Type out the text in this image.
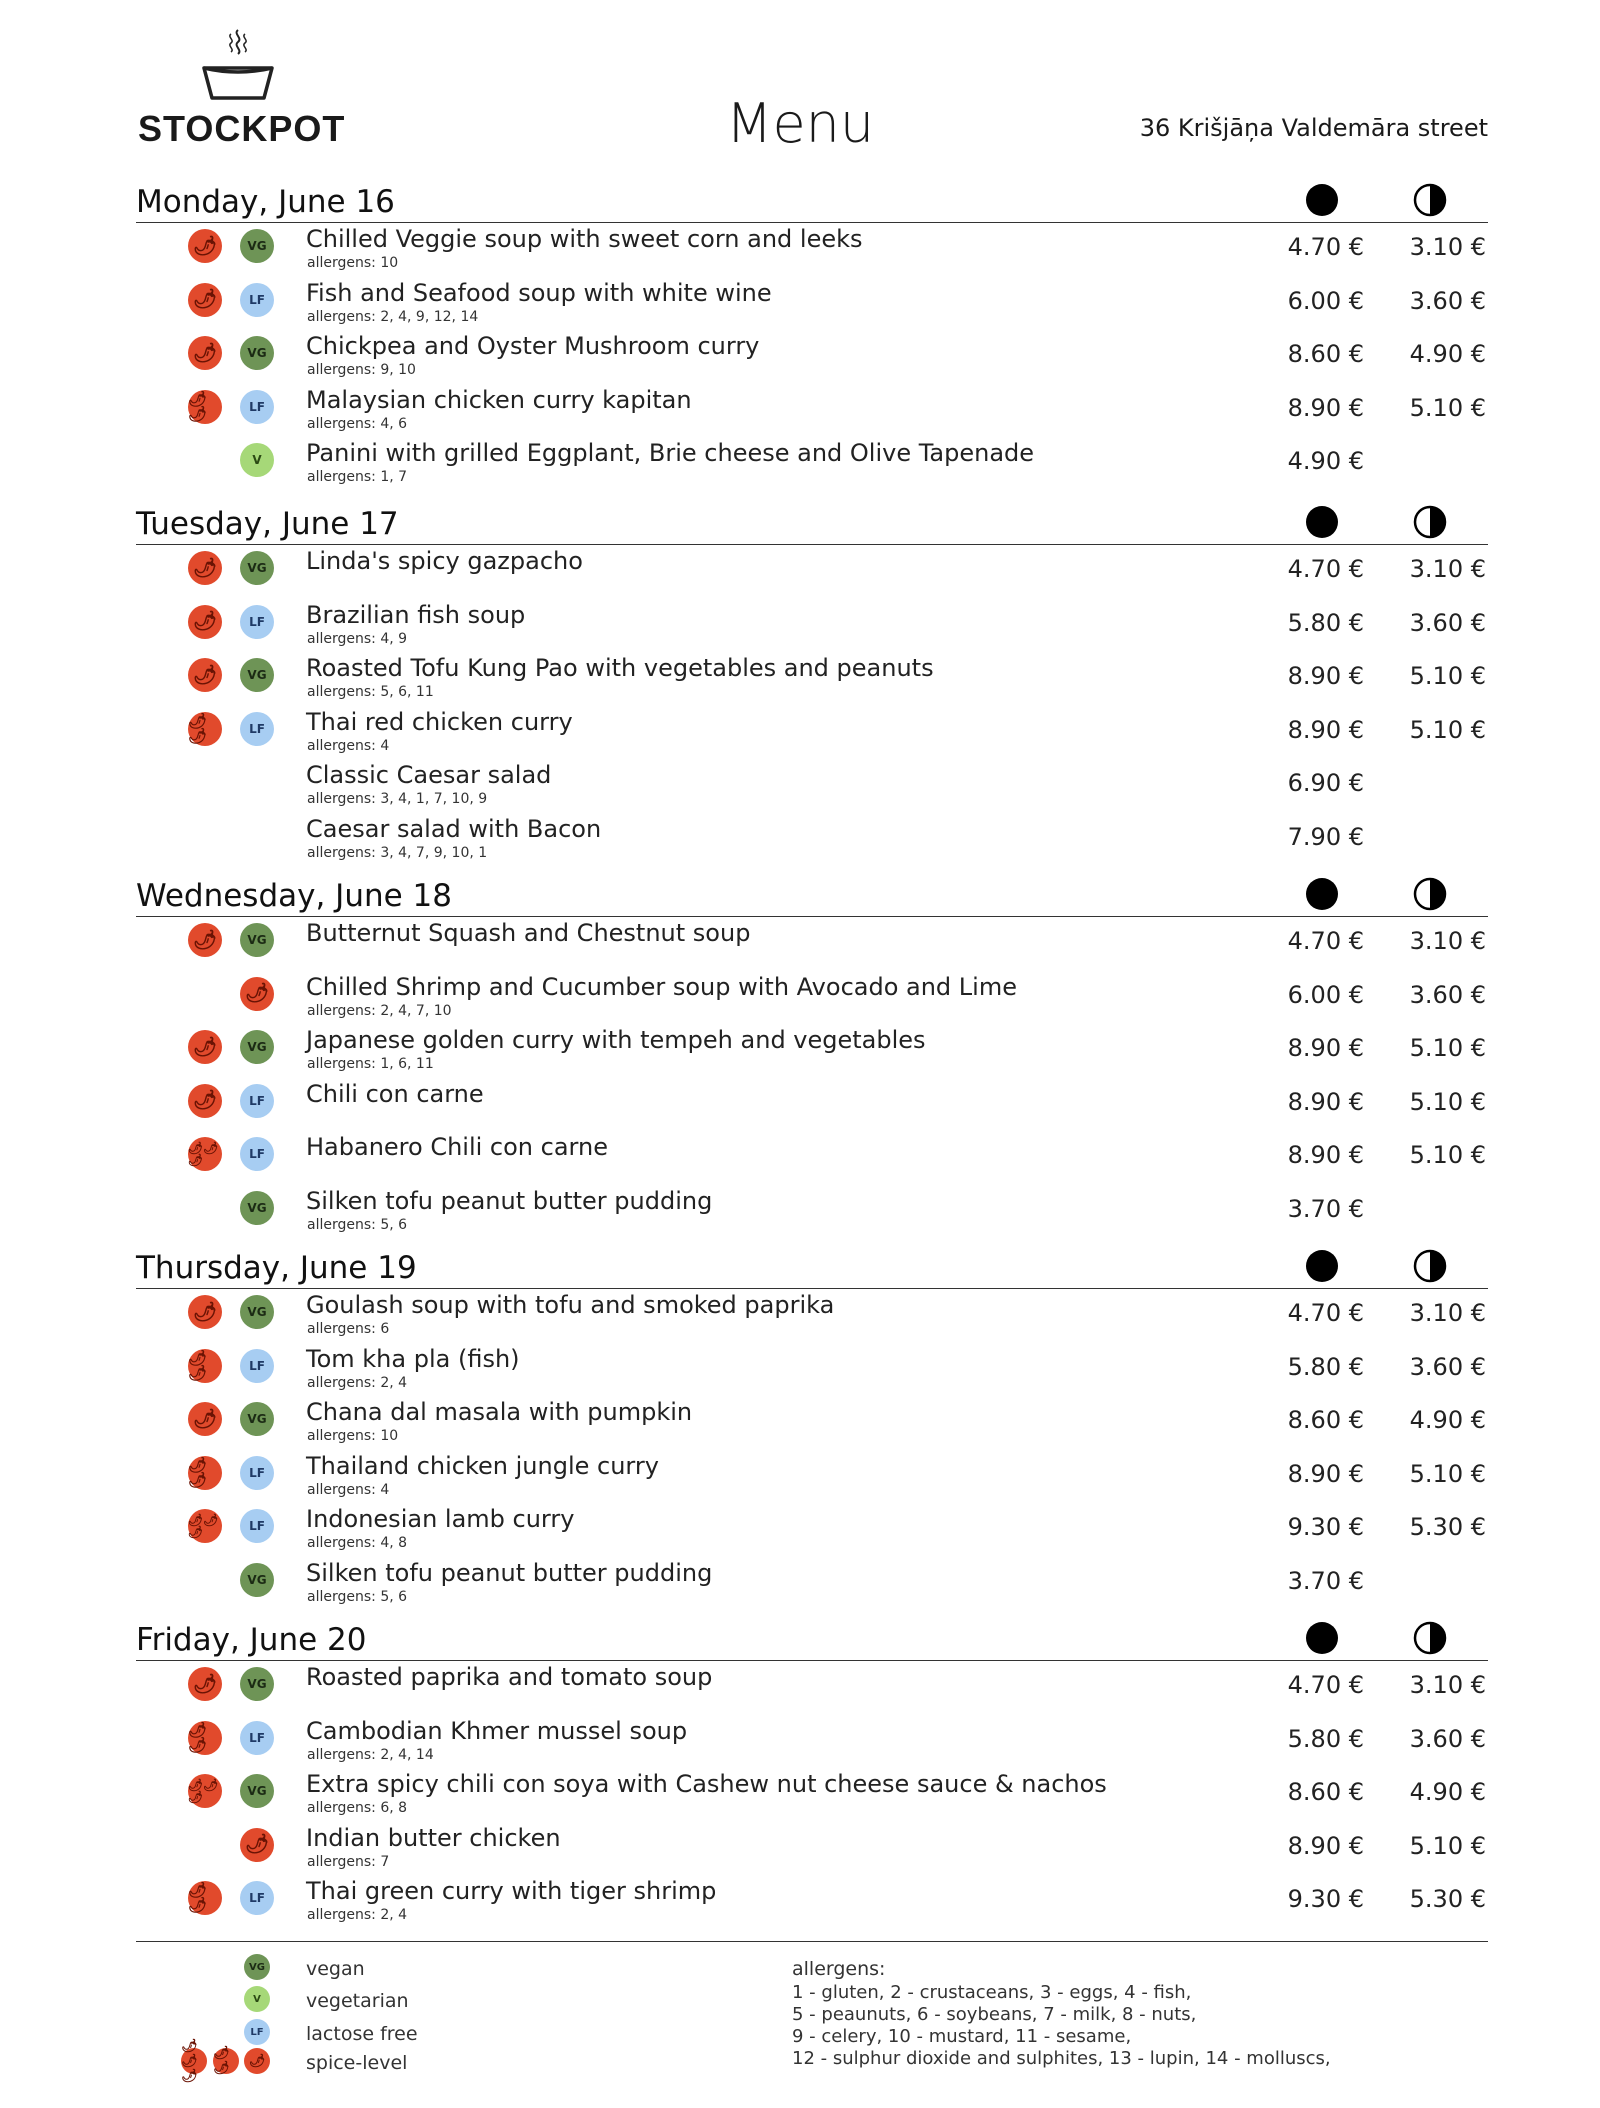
STOCKPOT	Menu	36 Krišjāņa Valdemāra street
Monday, June 16
🌶	VG	Chilled Veggie soup with sweet corn and leeks
allergens: 10
4.70 € 3.10 €
🌶	LF	Fish and Seafood soup with white wine
allergens: 2, 4, 9, 12, 14
6.00 € 3.60 €
🌶	VG	Chickpea and Oyster Mushroom curry
allergens: 9, 10
8.60 € 4.90 €
🌶🌶	LF	Malaysian chicken curry kapitan
allergens: 4, 6
8.90 € 5.10 €
V	Panini with grilled Eggplant, Brie cheese and Olive Tapenade
allergens: 1, 7
4.90 €
Tuesday, June 17
🌶	VG	Linda's spicy gazpacho	4.70 € 3.10 €
🌶	LF	Brazilian fish soup
allergens: 4, 9
5.80 € 3.60 €
🌶	VG	Roasted Tofu Kung Pao with vegetables and peanuts
allergens: 5, 6, 11
8.90 € 5.10 €
🌶🌶	LF	Thai red chicken curry
allergens: 4
8.90 € 5.10 €
Classic Caesar salad
allergens: 3, 4, 1, 7, 10, 9
6.90 €
Caesar salad with Bacon
allergens: 3, 4, 7, 9, 10, 1
7.90 €
Wednesday, June 18
🌶	VG	Butternut Squash and Chestnut soup	4.70 € 3.10 €
🌶 Chilled Shrimp and Cucumber soup with Avocado and Lime
allergens: 2, 4, 7, 10
6.00 € 3.60 €
🌶	VG	Japanese golden curry with tempeh and vegetables
allergens: 1, 6, 11
8.90 € 5.10 €
🌶	LF	Chili con carne	8.90 € 5.10 €
🌶🌶🌶	LF	Habanero Chili con carne	8.90 € 5.10 €
VG	Silken tofu peanut butter pudding
allergens: 5, 6
3.70 €
Thursday, June 19
🌶	VG	Goulash soup with tofu and smoked paprika
allergens: 6
4.70 € 3.10 €
🌶🌶	LF	Tom kha pla (fish)
allergens: 2, 4
5.80 € 3.60 €
🌶	VG	Chana dal masala with pumpkin
allergens: 10
8.60 € 4.90 €
🌶🌶	LF	Thailand chicken jungle curry
allergens: 4
8.90 € 5.10 €
🌶🌶🌶	LF	Indonesian lamb curry
allergens: 4, 8
9.30 € 5.30 €
VG	Silken tofu peanut butter pudding
allergens: 5, 6
3.70 €
Friday, June 20
🌶	VG	Roasted paprika and tomato soup	4.70 € 3.10 €
🌶🌶	LF	Cambodian Khmer mussel soup
allergens: 2, 4, 14
5.80 € 3.60 €
🌶🌶🌶	VG	Extra spicy chili con soya with Cashew nut cheese sauce & nachos
allergens: 6, 8
8.60 € 4.90 €
🌶 Indian butter chicken
allergens: 7
8.90 € 5.10 €
🌶🌶	LF	Thai green curry with tiger shrimp
allergens: 2, 4
9.30 € 5.30 €
VG vegan
V	vegetarian
LF	lactose free
🌶🌶🌶
🌶🌶	🌶 spice-level
allergens:
1 - gluten, 2 - crustaceans, 3 - eggs, 4 - fish,
5 - peaunuts, 6 - soybeans, 7 - milk, 8 - nuts,
9 - celery, 10 - mustard, 11 - sesame,
12 - sulphur dioxide and sulphites, 13 - lupin, 14 - molluscs,
